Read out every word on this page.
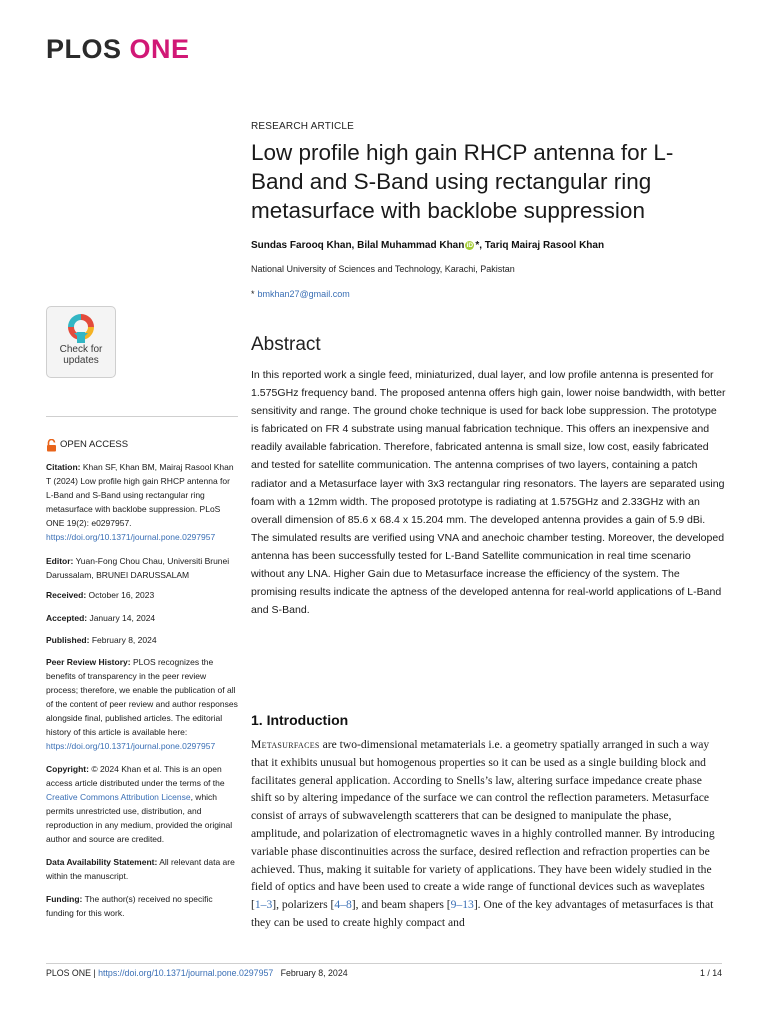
PLOS ONE
RESEARCH ARTICLE
Low profile high gain RHCP antenna for L-Band and S-Band using rectangular ring metasurface with backlobe suppression
Sundas Farooq Khan, Bilal Muhammad Khan iD *, Tariq Mairaj Rasool Khan
National University of Sciences and Technology, Karachi, Pakistan
* bmkhan27@gmail.com
Abstract
In this reported work a single feed, miniaturized, dual layer, and low profile antenna is presented for 1.575GHz frequency band. The proposed antenna offers high gain, lower noise bandwidth, with better sensitivity and range. The ground choke technique is used for back lobe suppression. The prototype is fabricated on FR 4 substrate using manual fabrication technique. This offers an inexpensive and readily available fabrication. Therefore, fabricated antenna is small size, low cost, easily fabricated and tested for satellite communication. The antenna comprises of two layers, containing a patch radiator and a Metasurface layer with 3x3 rectangular ring resonators. The layers are separated using foam with a 12mm width. The proposed prototype is radiating at 1.575GHz and 2.33GHz with an overall dimension of 85.6 x 68.4 x 15.204 mm. The developed antenna provides a gain of 5.9 dBi. The simulated results are verified using VNA and anechoic chamber testing. Moreover, the developed antenna has been successfully tested for L-Band Satellite communication in real time scenario without any LNA. Higher Gain due to Metasurface increase the efficiency of the system. The promising results indicate the aptness of the developed antenna for real-world applications of L-Band and S-Band.
1. Introduction
Metasurfaces are two-dimensional metamaterials i.e. a geometry spatially arranged in such a way that it exhibits unusual but homogenous properties so it can be used as a single building block and facilitates general application. According to Snells’s law, altering surface impedance create phase shift so by altering impedance of the surface we can control the reflection parameters. Metasurface consist of arrays of subwavelength scatterers that can be designed to manipulate the phase, amplitude, and polarization of electromagnetic waves in a highly controlled manner. By introducing variable phase discontinuities across the surface, desired reflection and refraction properties can be achieved. Thus, making it suitable for variety of applications. They have been widely studied in the field of optics and have been used to create a wide range of functional devices such as waveplates [1–3], polarizers [4–8], and beam shapers [9–13]. One of the key advantages of metasurfaces is that they can be used to create highly compact and
Check for
updates
OPEN ACCESS
Citation: Khan SF, Khan BM, Mairaj Rasool Khan T (2024) Low profile high gain RHCP antenna for L-Band and S-Band using rectangular ring metasurface with backlobe suppression. PLoS ONE 19(2): e0297957. https://doi.org/10.1371/journal.pone.0297957
Editor: Yuan-Fong Chou Chau, Universiti Brunei Darussalam, BRUNEI DARUSSALAM
Received: October 16, 2023
Accepted: January 14, 2024
Published: February 8, 2024
Peer Review History: PLOS recognizes the benefits of transparency in the peer review process; therefore, we enable the publication of all of the content of peer review and author responses alongside final, published articles. The editorial history of this article is available here: https://doi.org/10.1371/journal.pone.0297957
Copyright: © 2024 Khan et al. This is an open access article distributed under the terms of the Creative Commons Attribution License, which permits unrestricted use, distribution, and reproduction in any medium, provided the original author and source are credited.
Data Availability Statement: All relevant data are within the manuscript.
Funding: The author(s) received no specific funding for this work.
PLOS ONE | https://doi.org/10.1371/journal.pone.0297957 February 8, 2024	1 / 14
